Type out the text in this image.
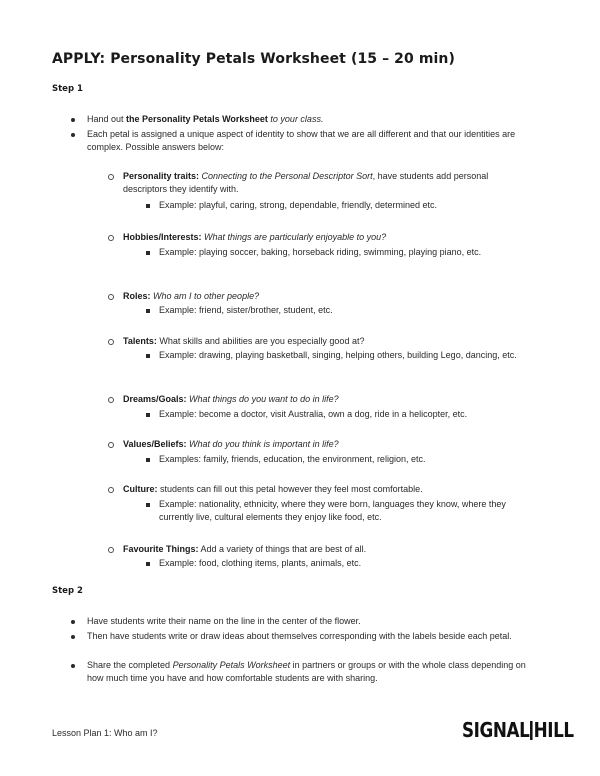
APPLY: Personality Petals Worksheet (15 – 20 min)
Step 1
Hand out the Personality Petals Worksheet to your class.
Each petal is assigned a unique aspect of identity to show that we are all different and that our identities are complex. Possible answers below:
Personality traits: Connecting to the Personal Descriptor Sort, have students add personal descriptors they identify with.
Example: playful, caring, strong, dependable, friendly, determined etc.
Hobbies/Interests: What things are particularly enjoyable to you?
Example: playing soccer, baking, horseback riding, swimming, playing piano, etc.
Roles: Who am I to other people?
Example: friend, sister/brother, student, etc.
Talents: What skills and abilities are you especially good at?
Example: drawing, playing basketball, singing, helping others, building Lego, dancing, etc.
Dreams/Goals: What things do you want to do in life?
Example: become a doctor, visit Australia, own a dog, ride in a helicopter, etc.
Values/Beliefs: What do you think is important in life?
Examples: family, friends, education, the environment, religion, etc.
Culture: students can fill out this petal however they feel most comfortable.
Example: nationality, ethnicity, where they were born, languages they know, where they currently live, cultural elements they enjoy like food, etc.
Favourite Things: Add a variety of things that are best of all.
Example: food, clothing items, plants, animals, etc.
Step 2
Have students write their name on the line in the center of the flower.
Then have students write or draw ideas about themselves corresponding with the labels beside each petal.
Share the completed Personality Petals Worksheet in partners or groups or with the whole class depending on how much time you have and how comfortable students are with sharing.
Lesson Plan 1: Who am I?	SIGNAL HILL
